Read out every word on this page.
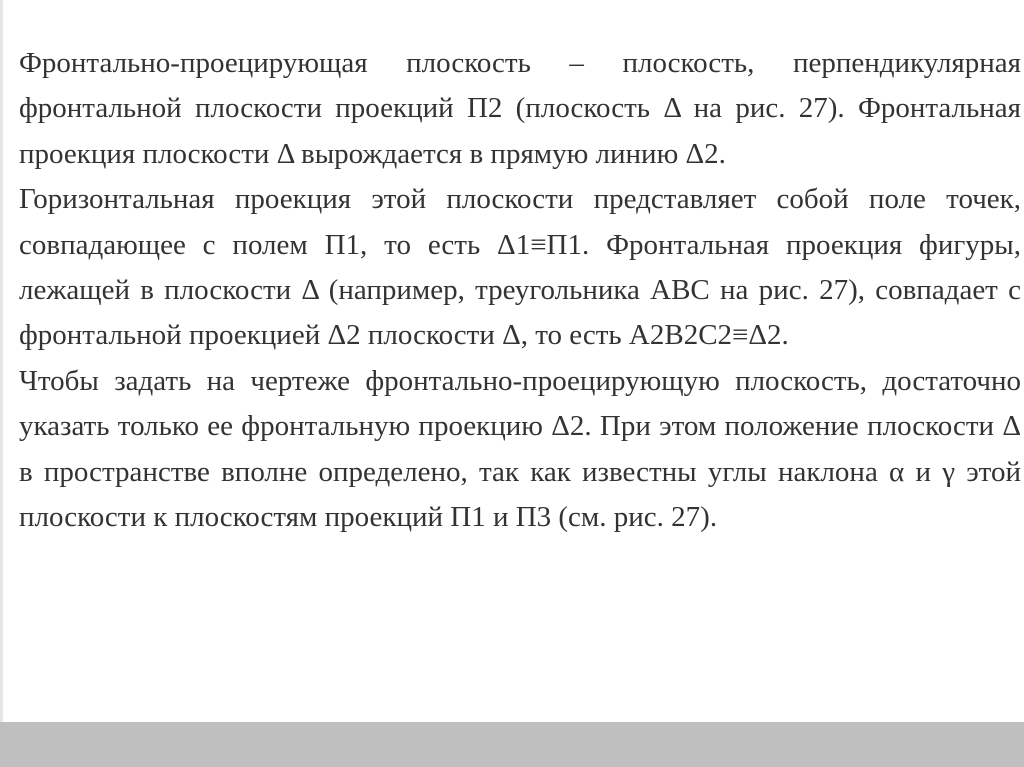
Фронтально-проецирующая плоскость – плоскость, перпендикулярная фронтальной плоскости проекций П2 (плоскость Δ на рис. 27). Фронтальная проекция плоскости Δ вырождается в прямую линию Δ2.

Горизонтальная проекция этой плоскости представляет собой поле точек, совпадающее с полем П1, то есть Δ1≡П1. Фронтальная проекция фигуры, лежащей в плоскости Δ (например, треугольника ABC на рис. 27), совпадает с фронтальной проекцией Δ2 плоскости Δ, то есть A2B2C2≡Δ2.

Чтобы задать на чертеже фронтально-проецирующую плоскость, достаточно указать только ее фронтальную проекцию Δ2. При этом положение плоскости Δ в пространстве вполне определено, так как известны углы наклона α и γ этой плоскости к плоскостям проекций П1 и П3 (см. рис. 27).
